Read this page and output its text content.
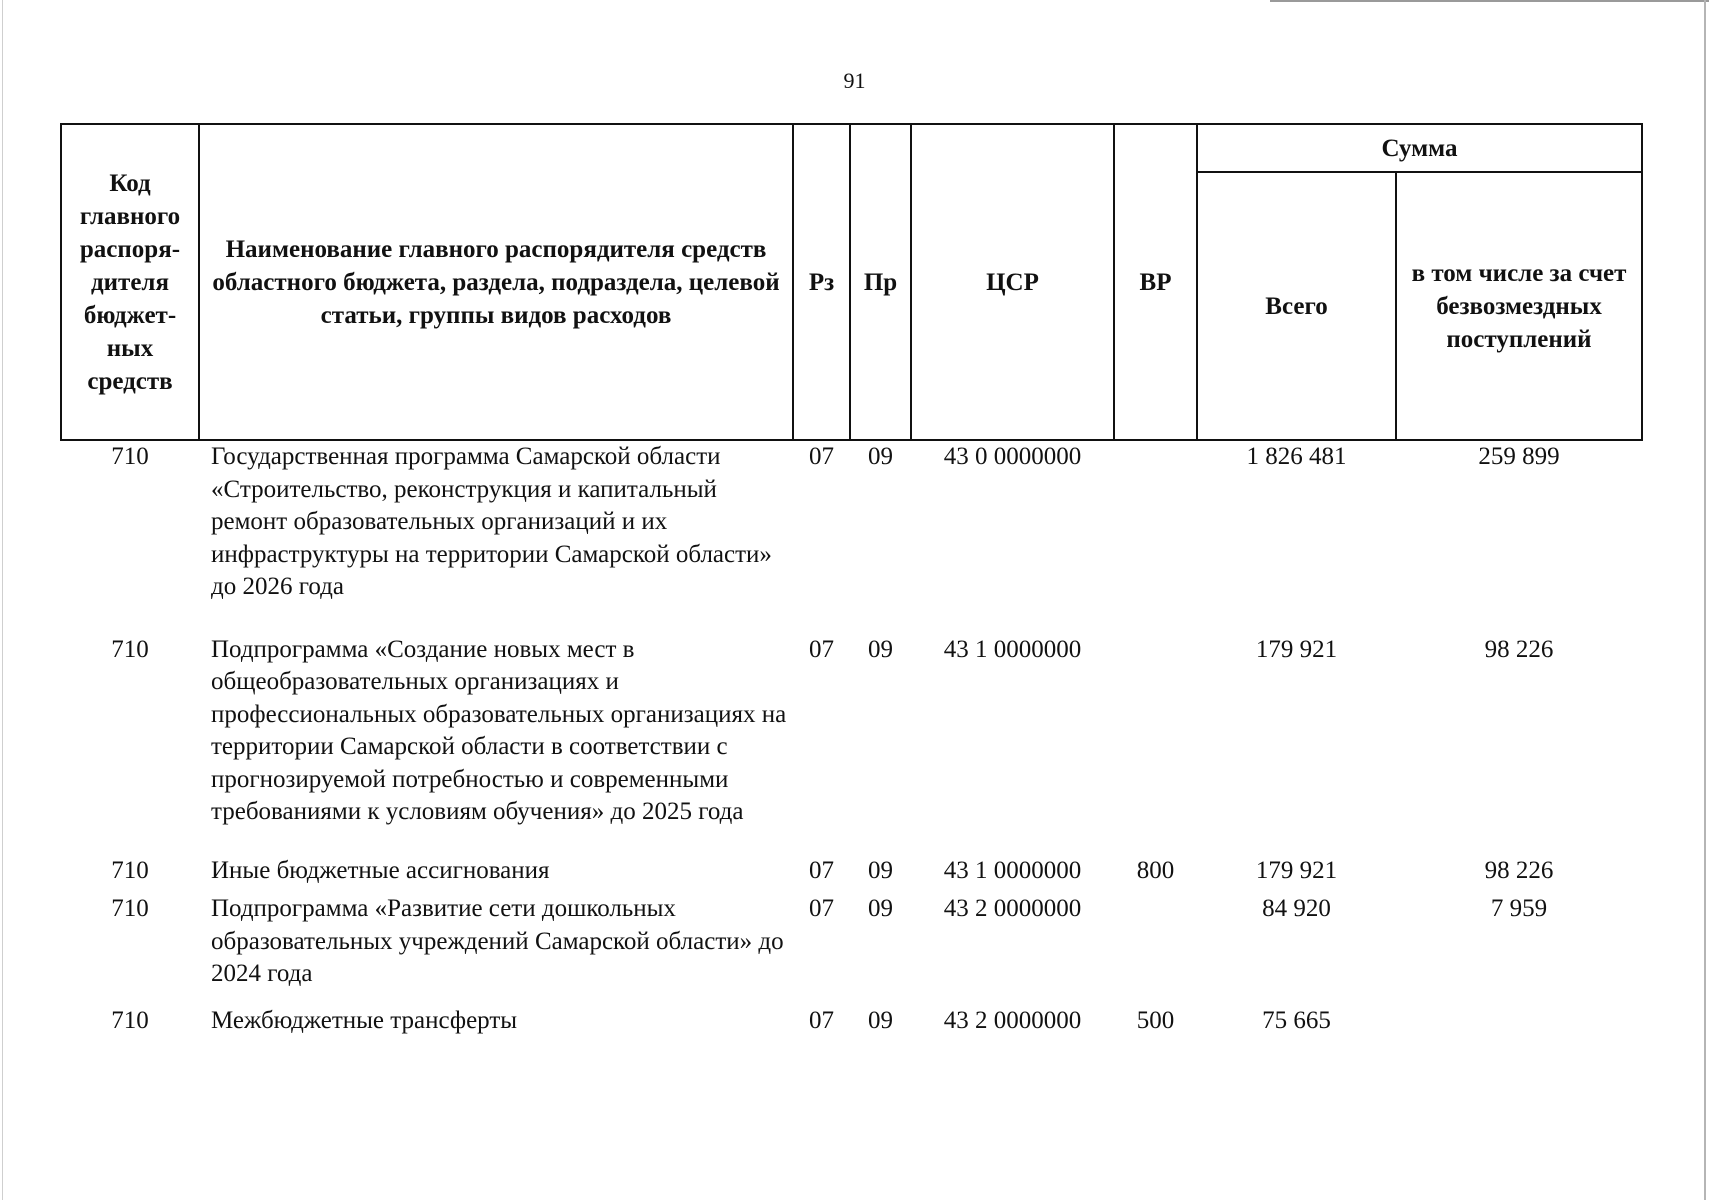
91
Код главного распоря-дителя бюджет-ных средств	Наименование главного распорядителя средств областного бюджета, раздела, подраздела, целевой статьи, группы видов расходов	Рз	Пр	ЦСР	ВР	Сумма	
						Всего	в том числе за счет безвозмездных поступлений
710	Государственная программа Самарской области «Строительство, реконструкция и капитальный ремонт образовательных организаций и их инфраструктуры на территории Самарской области» до 2026 года	07	09	43 0 0000000		1 826 481	259 899
710	Подпрограмма «Создание новых мест в общеобразовательных организациях и профессиональных образовательных организациях на территории Самарской области в соответствии с прогнозируемой потребностью и современными требованиями к условиям обучения» до 2025 года	07	09	43 1 0000000		179 921	98 226
710	Иные бюджетные ассигнования	07	09	43 1 0000000	800	179 921	98 226
710	Подпрограмма «Развитие сети дошкольных образовательных учреждений Самарской области» до 2024 года	07	09	43 2 0000000		84 920	7 959
710	Межбюджетные трансферты	07	09	43 2 0000000	500	75 665	
